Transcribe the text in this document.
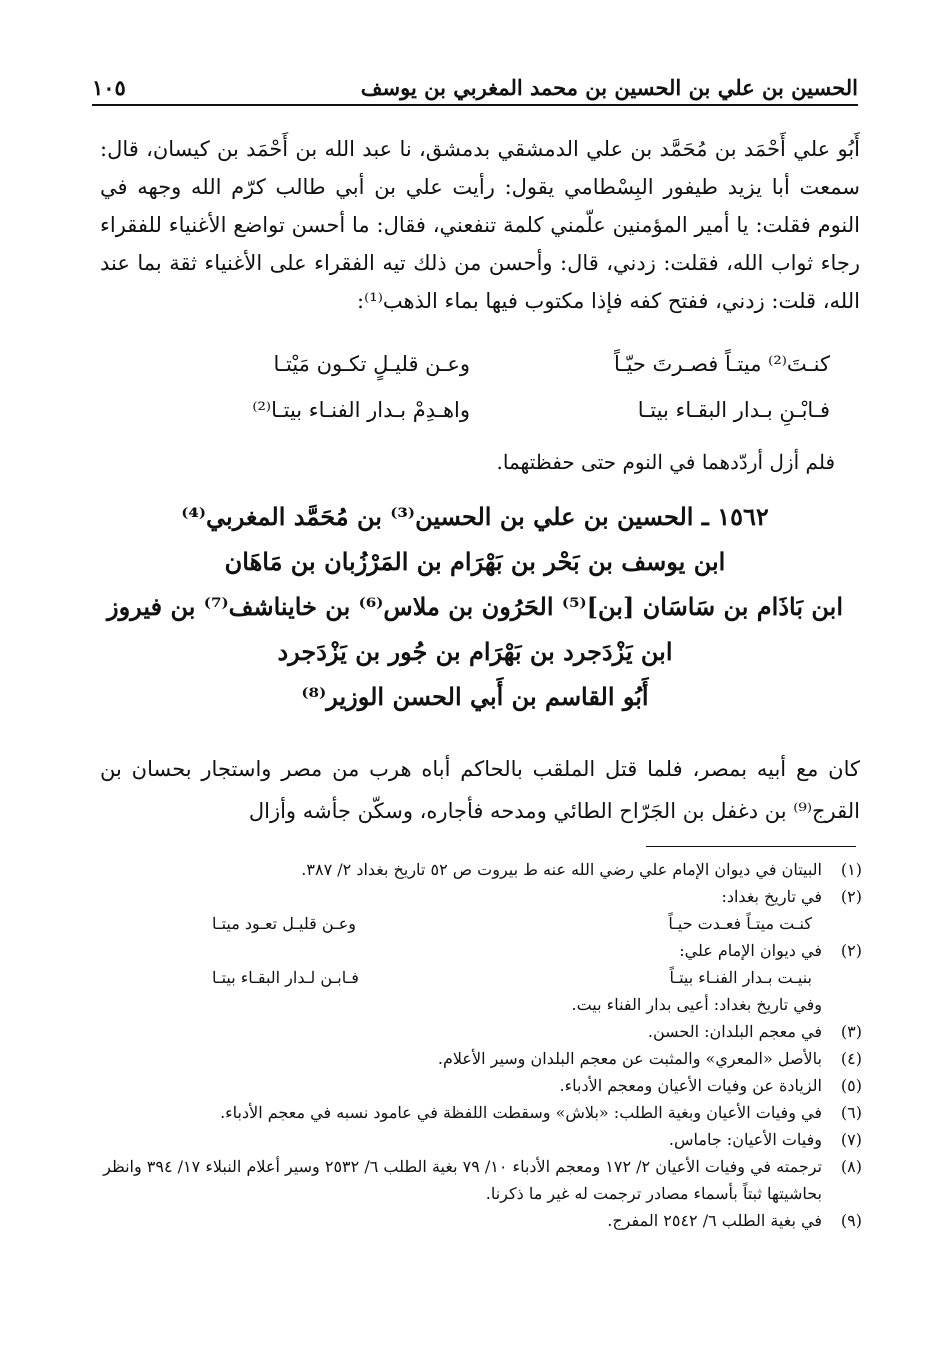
الحسين بن علي بن الحسين بن محمد المغربي بن يوسف
١٠٥

أَبُو علي أَحْمَد بن مُحَمَّد بن علي الدمشقي بدمشق، نا عبد الله بن أَحْمَد بن كيسان، قال: سمعت أبا يزيد طيفور البِسْطامي يقول: رأيت علي بن أبي طالب كرّم الله وجهه في النوم فقلت: يا أمير المؤمنين علّمني كلمة تنفعني، فقال: ما أحسن تواضع الأغنياء للفقراء رجاء ثواب الله، فقلت: زدني، قال: وأحسن من ذلك تيه الفقراء على الأغنياء ثقة بما عند الله، قلت: زدني، ففتح كفه فإذا مكتوب فيها بماء الذهب⁽¹⁾:

كنـتَ⁽²⁾ ميتـاً فصـرتَ حيّـاً
وعـن قليـلٍ تكـون مَيْتـا
فـابْـنِ بـدار البقـاء بيتـا
واهـدِمْ بـدار الفنـاء بيتـا⁽²⁾
فلم أزل أردّدهما في النوم حتى حفظتهما.
١٥٦٢ ـ الحسين بن علي بن الحسين⁽³⁾ بن مُحَمَّد المغربي⁽⁴⁾
ابن يوسف بن بَحْر بن بَهْرَام بن المَرْزُبان بن مَاهَان
ابن بَاذَام بن سَاسَان [بن]⁽⁵⁾ الحَرُون بن ملاس⁽⁶⁾ بن خايناشف⁽⁷⁾ بن فيروز
ابن يَزْدَجرد بن بَهْرَام بن جُور بن يَزْدَجرد
أَبُو القاسم بن أَبي الحسن الوزير⁽⁸⁾

كان مع أبيه بمصر، فلما قتل الملقب بالحاكم أباه هرب من مصر واستجار بحسان بن القرج⁽⁹⁾ بن دغفل بن الجَرّاح الطائي ومدحه فأجاره، وسكّن جأشه وأزال

(١)
البيتان في ديوان الإمام علي رضي الله عنه ط بيروت ص ٥٢ تاريخ بغداد ٢/ ٣٨٧.
(٢)
في تاريخ بغداد:
كنـت ميتـاً فعـدت حيـاً
وعـن قليـل تعـود ميتـا
(٢)
في ديوان الإمام علي:
بنيـت بـدار الفنـاء بيتـاً
فـابـن لـدار البقـاء بيتـا
وفي تاريخ بغداد: أعيى بدار الفناء بيت.
(٣)
في معجم البلدان: الحسن.
(٤)
بالأصل «المعري» والمثبت عن معجم البلدان وسير الأعلام.
(٥)
الزيادة عن وفيات الأعيان ومعجم الأدباء.
(٦)
في وفيات الأعيان وبغية الطلب: «بلاش» وسقطت اللفظة في عامود نسبه في معجم الأدباء.
(٧)
وفيات الأعيان: جاماس.
(٨)
ترجمته في وفيات الأعيان ٢/ ١٧٢ ومعجم الأدباء ١٠/ ٧٩ بغية الطلب ٦/ ٢٥٣٢ وسير أعلام النبلاء ١٧/ ٣٩٤ وانظر بحاشيتها ثبتاً بأسماء مصادر ترجمت له غير ما ذكرنا.
(٩)
في بغية الطلب ٦/ ٢٥٤٢ المفرج.
